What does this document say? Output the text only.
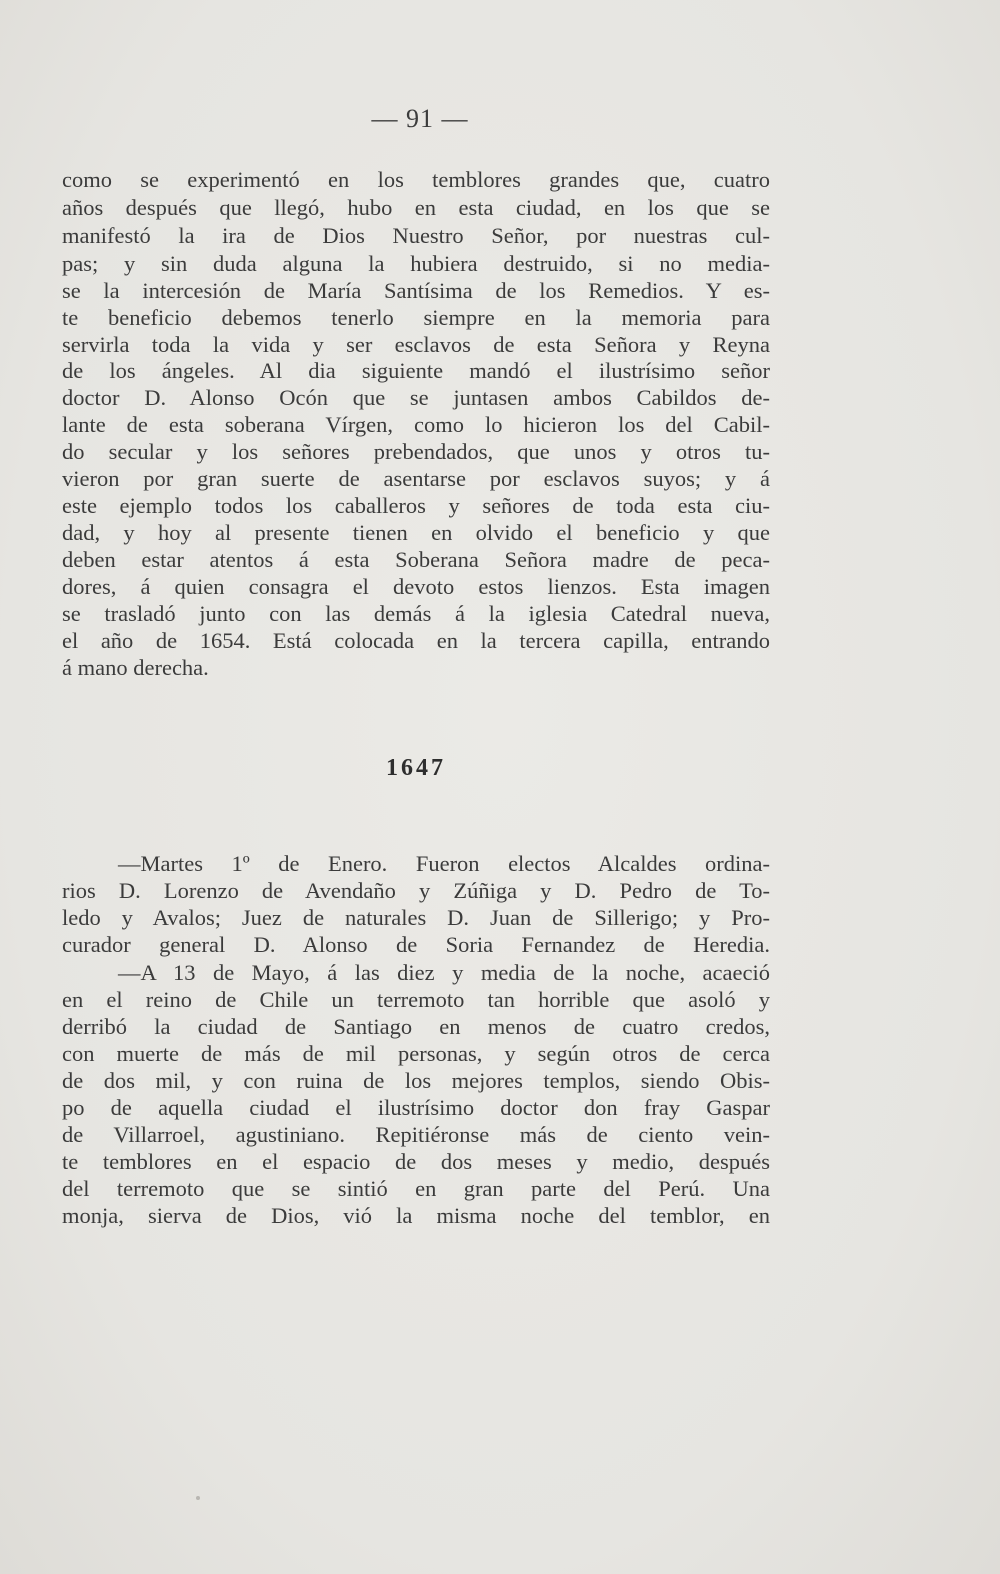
— 91 —
como se experimentó en los temblores grandes que, cuatro
años después que llegó, hubo en esta ciudad, en los que se
manifestó la ira de Dios Nuestro Señor, por nuestras cul-
pas; y sin duda alguna la hubiera destruido, si no media-
se la intercesión de María Santísima de los Remedios. Y es-
te beneficio debemos tenerlo siempre en la memoria para
servirla toda la vida y ser esclavos de esta Señora y Reyna
de los ángeles. Al dia siguiente mandó el ilustrísimo señor
doctor D. Alonso Ocón que se juntasen ambos Cabildos de-
lante de esta soberana Vírgen, como lo hicieron los del Cabil-
do secular y los señores prebendados, que unos y otros tu-
vieron por gran suerte de asentarse por esclavos suyos; y á
este ejemplo todos los caballeros y señores de toda esta ciu-
dad, y hoy al presente tienen en olvido el beneficio y que
deben estar atentos á esta Soberana Señora madre de peca-
dores, á quien consagra el devoto estos lienzos. Esta imagen
se trasladó junto con las demás á la iglesia Catedral nueva,
el año de 1654. Está colocada en la tercera capilla, entrando
á mano derecha.
1647
—Martes 1º de Enero. Fueron electos Alcaldes ordina-
rios D. Lorenzo de Avendaño y Zúñiga y D. Pedro de To-
ledo y Avalos; Juez de naturales D. Juan de Sillerigo; y Pro-
curador general D. Alonso de Soria Fernandez de Heredia.
—A 13 de Mayo, á las diez y media de la noche, acaeció
en el reino de Chile un terremoto tan horrible que asoló y
derribó la ciudad de Santiago en menos de cuatro credos,
con muerte de más de mil personas, y según otros de cerca
de dos mil, y con ruina de los mejores templos, siendo Obis-
po de aquella ciudad el ilustrísimo doctor don fray Gaspar
de Villarroel, agustiniano. Repitiéronse más de ciento vein-
te temblores en el espacio de dos meses y medio, después
del terremoto que se sintió en gran parte del Perú. Una
monja, sierva de Dios, vió la misma noche del temblor, en
